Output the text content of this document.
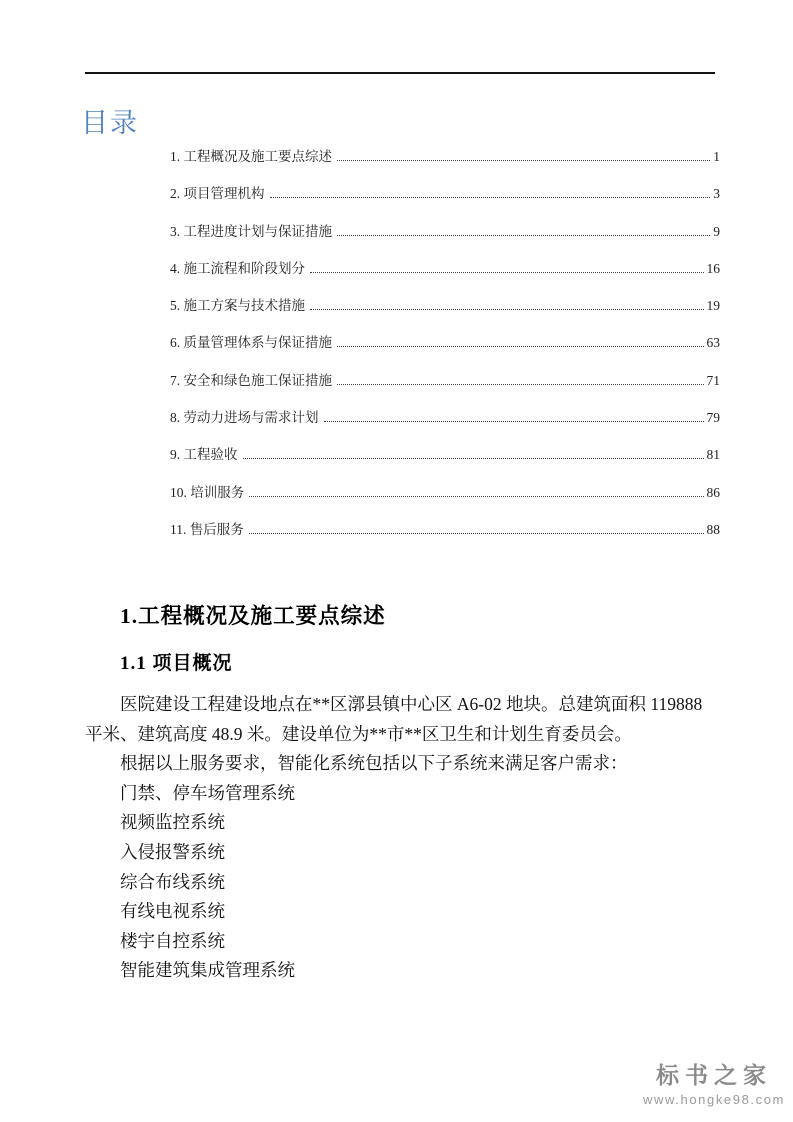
目录
1. 工程概况及施工要点综述	1
2. 项目管理机构	3
3. 工程进度计划与保证措施	9
4. 施工流程和阶段划分	16
5. 施工方案与技术措施	19
6. 质量管理体系与保证措施	63
7. 安全和绿色施工保证措施	71
8. 劳动力进场与需求计划	79
9. 工程验收	81
10. 培训服务	86
11. 售后服务	88
1.工程概况及施工要点综述
1.1 项目概况

医院建设工程建设地点在**区漷县镇中心区 A6-02 地块。总建筑面积 119888 平米、建筑高度 48.9 米。建设单位为**市**区卫生和计划生育委员会。

根据以上服务要求，智能化系统包括以下子系统来满足客户需求：

门禁、停车场管理系统
视频监控系统
入侵报警系统
综合布线系统
有线电视系统
楼宇自控系统
智能建筑集成管理系统
标书之家
www.hongke98.com
